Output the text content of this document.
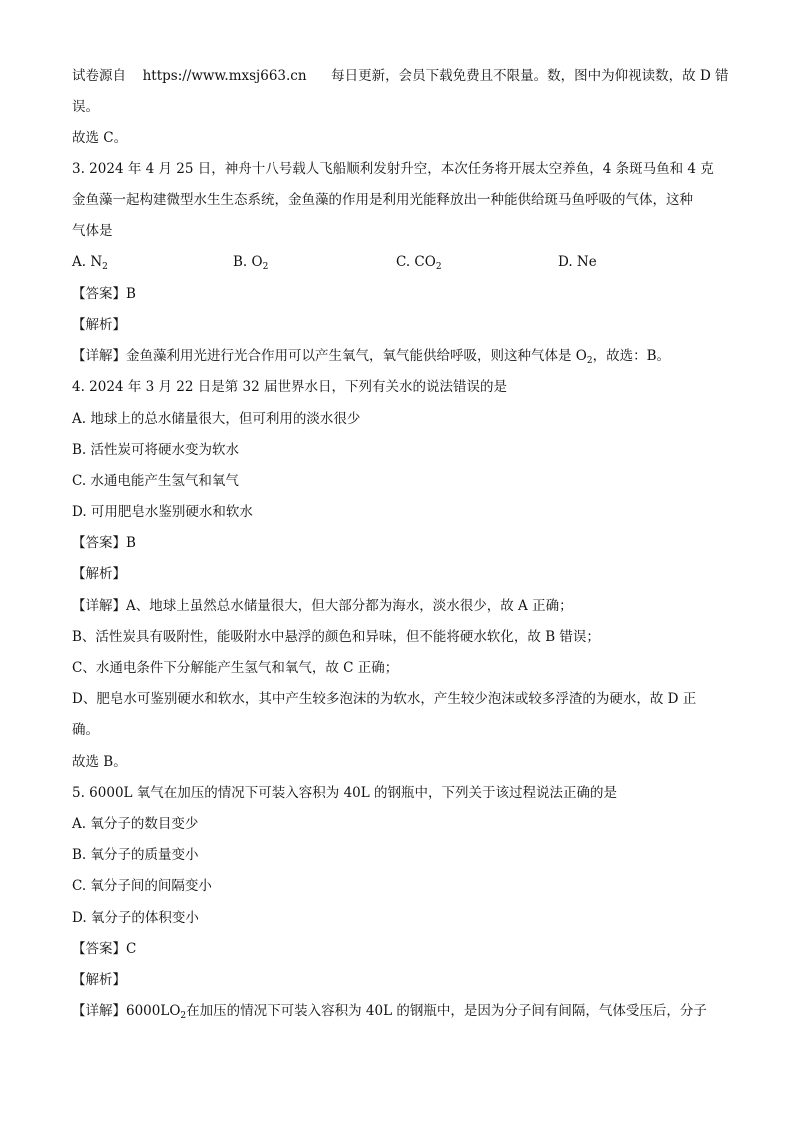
试卷源自 https://www.mxsj663.cn 每日更新，会员下载免费且不限量。数，图中为仰视读数，故 D 错
误。
故选 C。
3. 2024 年 4 月 25 日，神舟十八号载人飞船顺利发射升空，本次任务将开展太空养鱼，4 条斑马鱼和 4 克
金鱼藻一起构建微型水生生态系统，金鱼藻的作用是利用光能释放出一种能供给斑马鱼呼吸的气体，这种
气体是
A. $N_2$	B. $O_2$	C. $CO_2$	D. Ne
【答案】B
【解析】
【详解】金鱼藻利用光进行光合作用可以产生氧气，氧气能供给呼吸，则这种气体是 $O_2$，故选：B。
4. 2024 年 3 月 22 日是第 32 届世界水日，下列有关水的说法错误的是
A. 地球上的总水储量很大，但可利用的淡水很少
B. 活性炭可将硬水变为软水
C. 水通电能产生氢气和氧气
D. 可用肥皂水鉴别硬水和软水
【答案】B
【解析】
【详解】A、地球上虽然总水储量很大，但大部分都为海水，淡水很少，故 A 正确；
B、活性炭具有吸附性，能吸附水中悬浮的颜色和异味，但不能将硬水软化，故 B 错误；
C、水通电条件下分解能产生氢气和氧气，故 C 正确；
D、肥皂水可鉴别硬水和软水，其中产生较多泡沫的为软水，产生较少泡沫或较多浮渣的为硬水，故 D 正
确。
故选 B。
5. 6000L 氧气在加压的情况下可装入容积为 40L 的钢瓶中，下列关于该过程说法正确的是
A. 氧分子的数目变少
B. 氧分子的质量变小
C. 氧分子间的间隔变小
D. 氧分子的体积变小
【答案】C
【解析】
【详解】$6000LO_2$在加压的情况下可装入容积为 40L 的钢瓶中，是因为分子间有间隔，气体受压后，分子
